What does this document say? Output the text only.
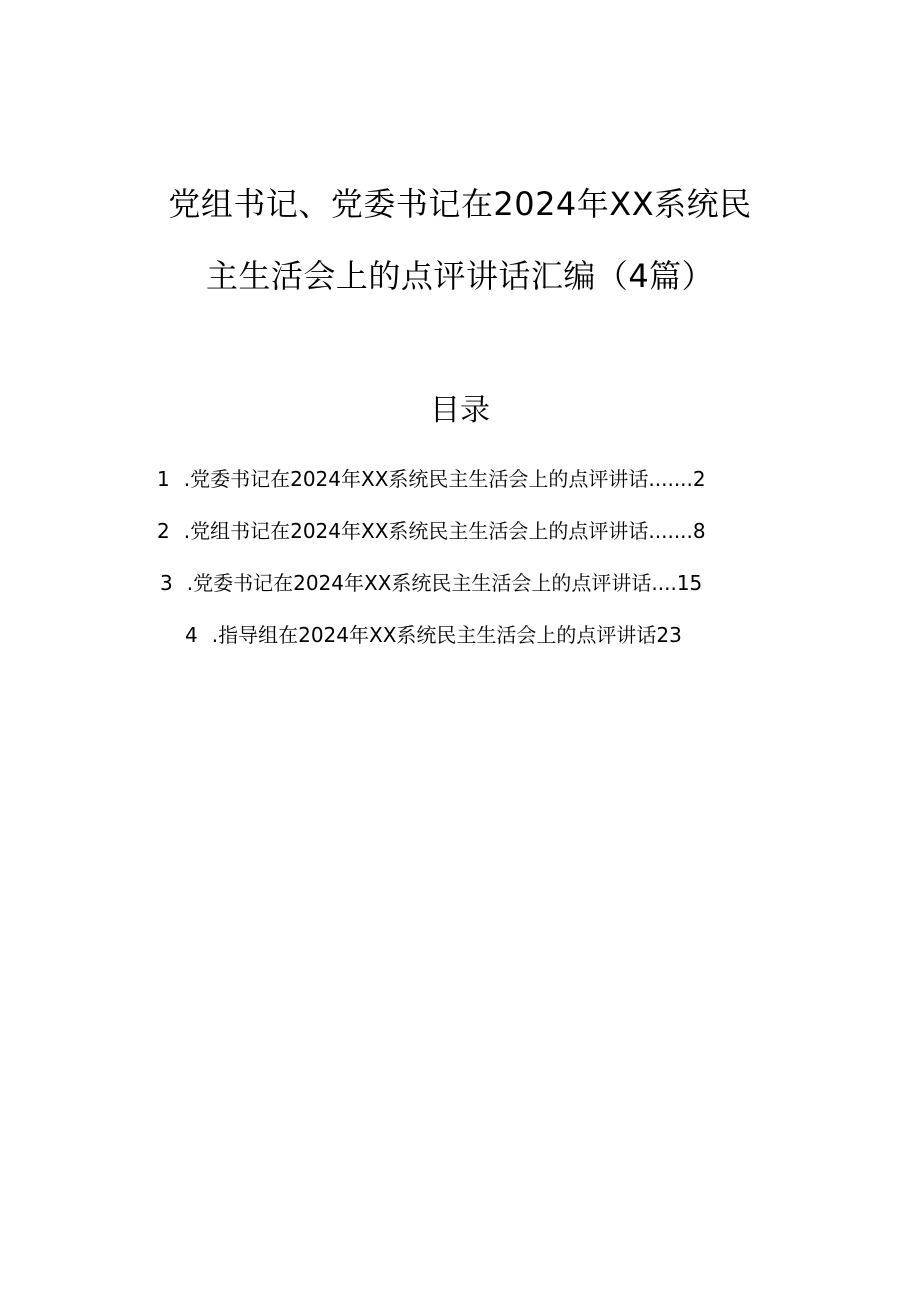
党组书记、党委书记在2024年XX系统民
主生活会上的点评讲话汇编（4篇）
目录
1 .党委书记在2024年XX系统民主生活会上的点评讲话.......2
2 .党组书记在2024年XX系统民主生活会上的点评讲话.......8
3 .党委书记在2024年XX系统民主生活会上的点评讲话....15
4 .指导组在2024年XX系统民主生活会上的点评讲话23
